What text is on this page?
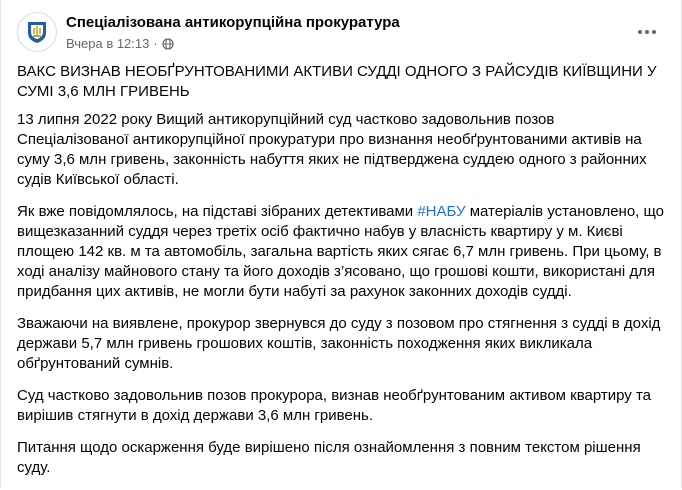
Спеціалізована антикорупційна прокуратура
Вчера в 12:13 ·

ВАКС ВИЗНАВ НЕОБҐРУНТОВАНИМИ АКТИВИ СУДДІ ОДНОГО З РАЙСУДІВ КИЇВЩИНИ У СУМІ 3,6 МЛН ГРИВЕНЬ

13 липня 2022 року Вищий антикорупційний суд частково задовольнив позов Спеціалізованої антикорупційної прокуратури про визнання необґрунтованими активів на суму 3,6 млн гривень, законність набуття яких не підтверджена суддею одного з районних судів Київської області.

Як вже повідомлялось, на підставі зібраних детективами #НАБУ матеріалів установлено, що вищезказанний суддя через третіх осіб фактично набув у власність квартиру у м. Києві площею 142 кв. м та автомобіль, загальна вартість яких сягає 6,7 млн гривень. При цьому, в ході аналізу майнового стану та його доходів з’ясовано, що грошові кошти, використані для придбання цих активів, не могли бути набуті за рахунок законних доходів судді.

Зважаючи на виявлене, прокурор звернувся до суду з позовом про стягнення з судді в дохід держави 5,7 млн гривень грошових коштів, законність походження яких викликала обґрунтований сумнів.

Суд частково задовольнив позов прокурора, визнав необґрунтованим активом квартиру та вирішив стягнути в дохід держави 3,6 млн гривень.

Питання щодо оскарження буде вирішено після ознайомлення з повним текстом рішення суду.
